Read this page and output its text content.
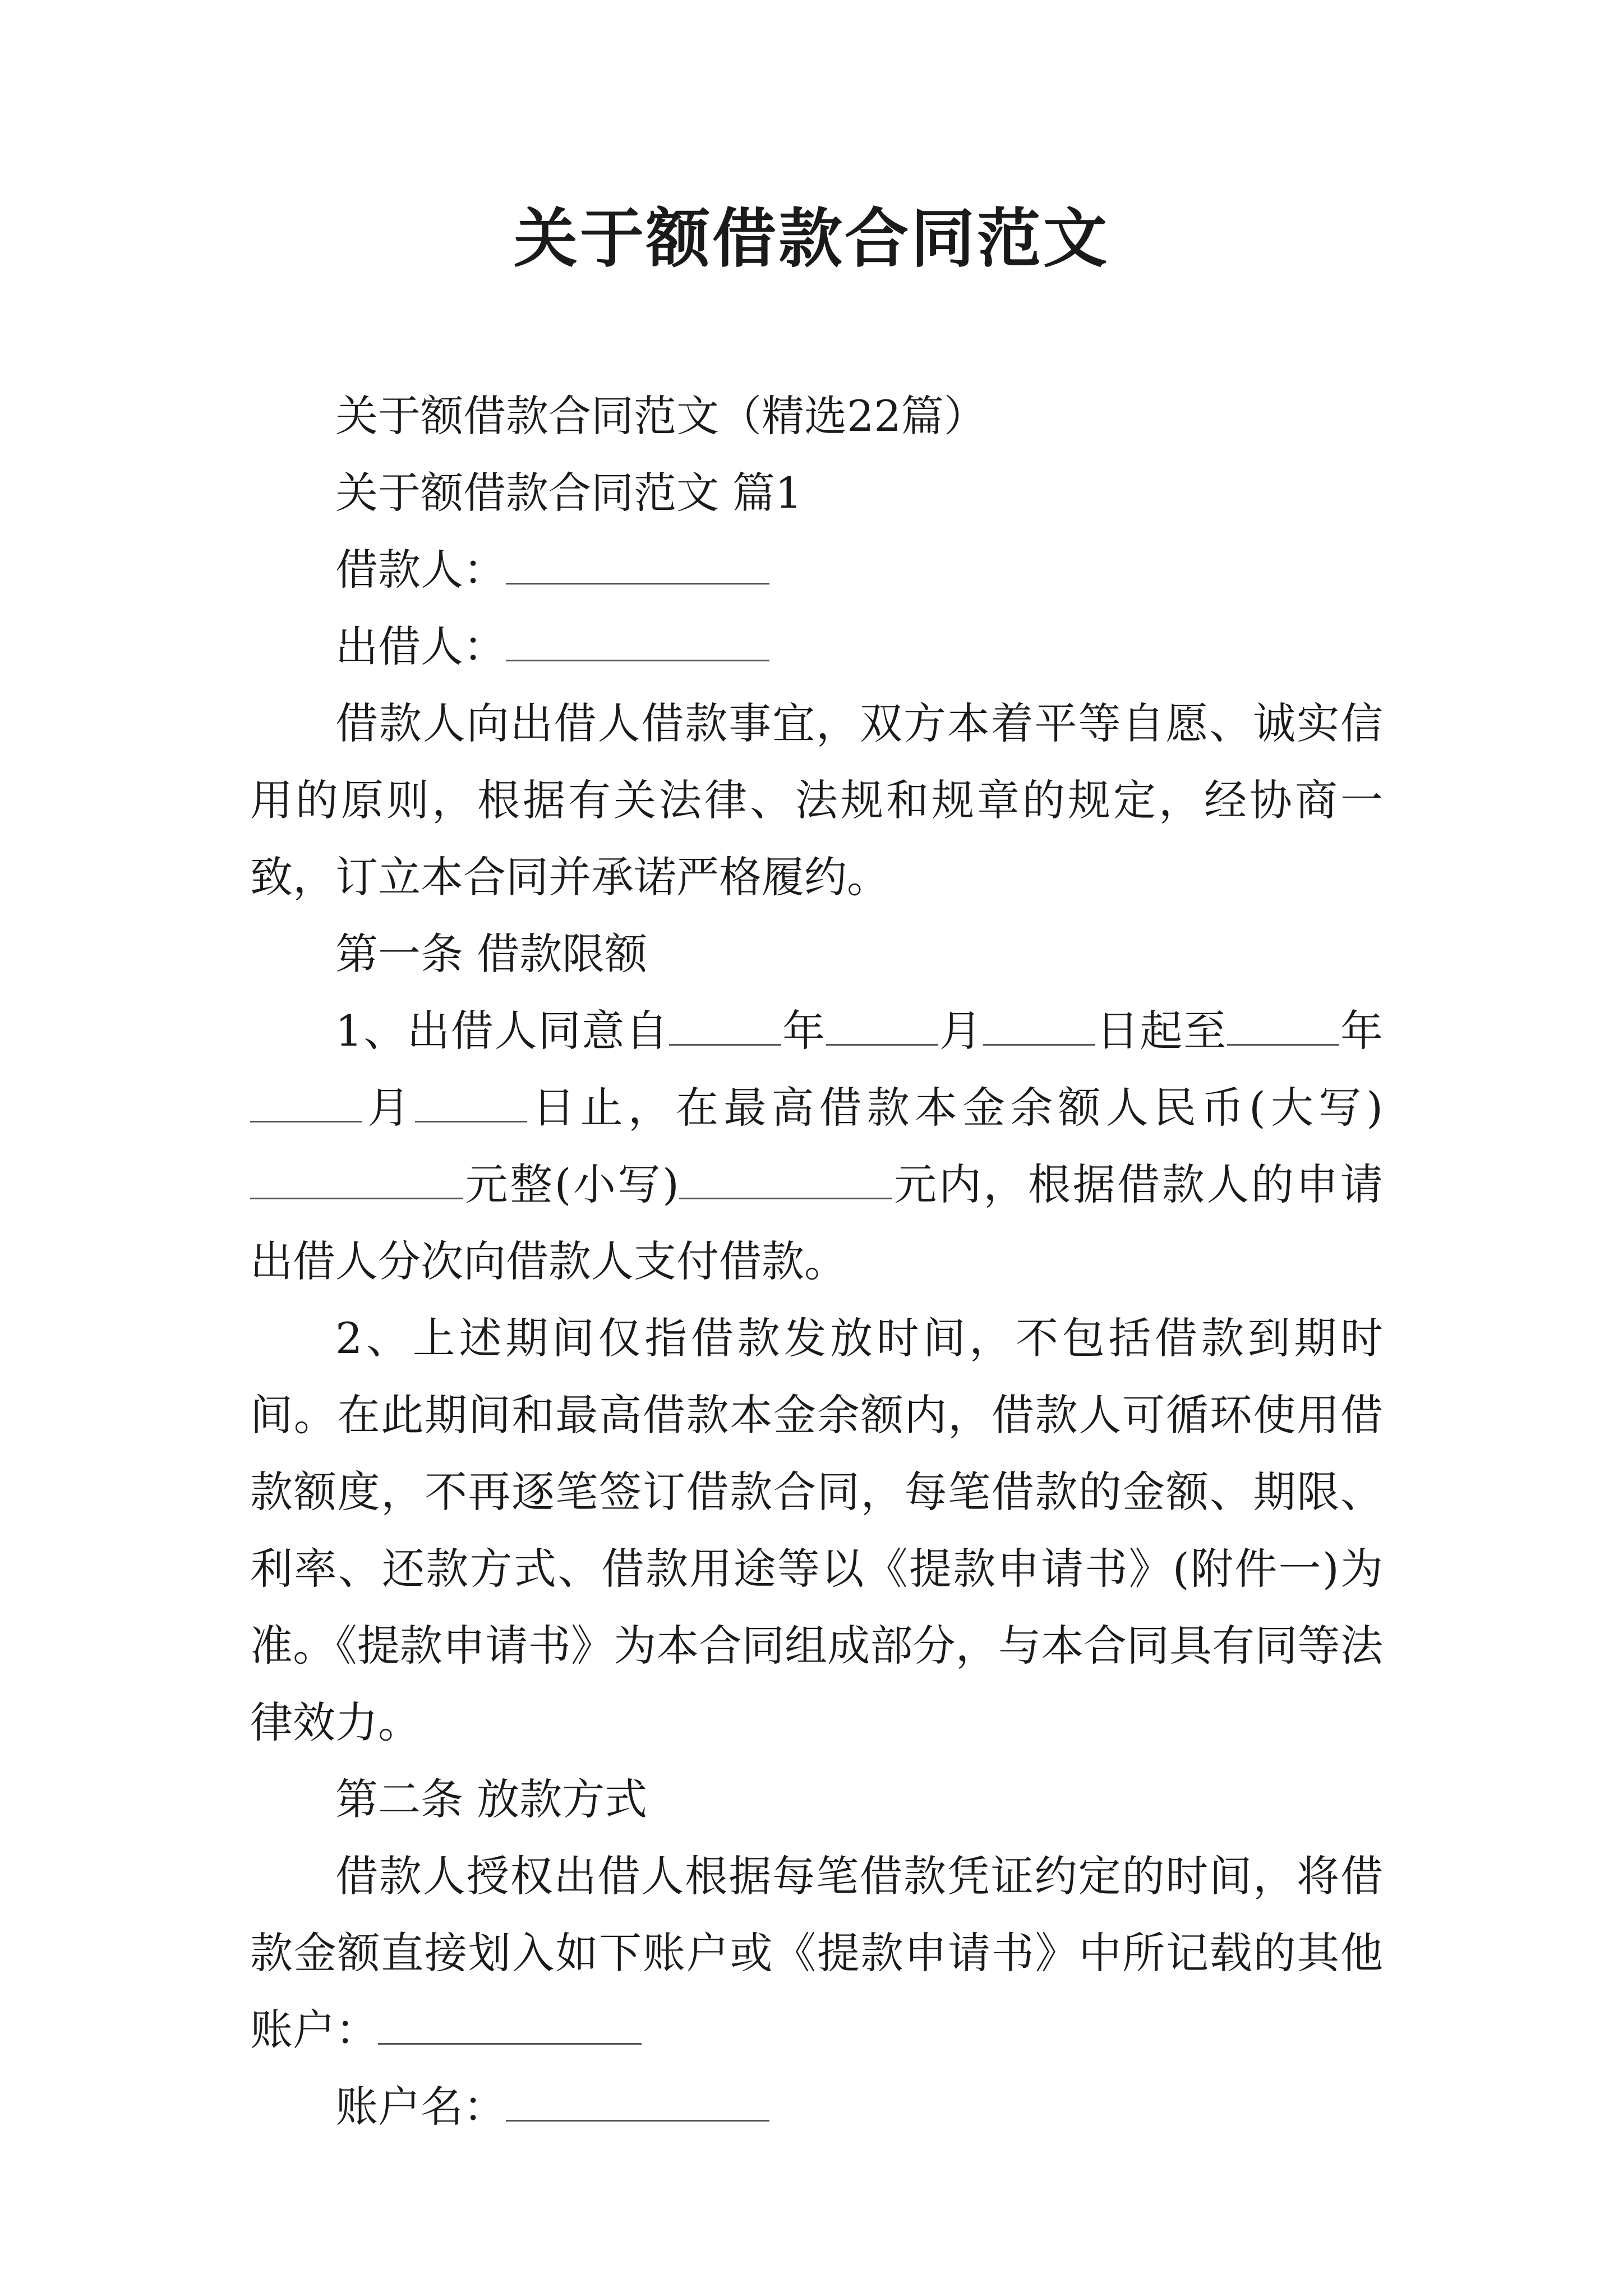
关于额借款合同范文

关于额借款合同范文（精选22篇）

关于额借款合同范文 篇1

借款人：

出借人：

借款人向出借人借款事宜，双方本着平等自愿、诚实信用的原则，根据有关法律、法规和规章的规定，经协商一致，订立本合同并承诺严格履约。

第一条 借款限额

1、出借人同意自	年	月	日起至	年月	日止，在最高借款本金余额人民币(大写)元整(小写)	元内，根据借款人的申请出借人分次向借款人支付借款。

2、上述期间仅指借款发放时间，不包括借款到期时间。在此期间和最高借款本金余额内，借款人可循环使用借款额度，不再逐笔签订借款合同，每笔借款的金额、期限、利率、还款方式、借款用途等以《提款申请书》(附件一)为准。《提款申请书》为本合同组成部分，与本合同具有同等法律效力。

第二条 放款方式

借款人授权出借人根据每笔借款凭证约定的时间，将借款金额直接划入如下账户或《提款申请书》中所记载的其他账户：

账户名：
